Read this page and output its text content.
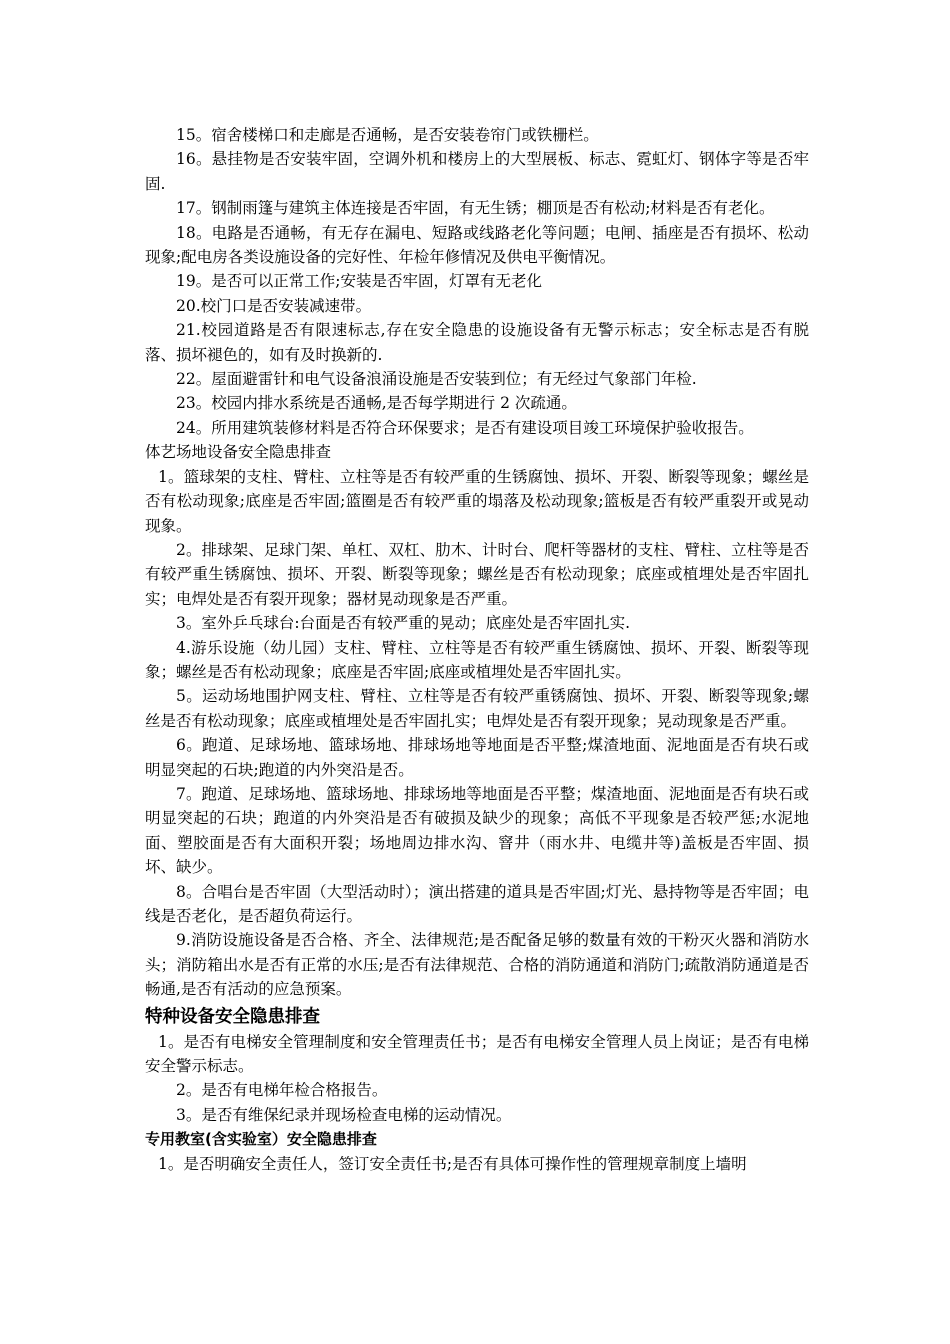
15。宿舍楼梯口和走廊是否通畅，是否安装卷帘门或铁栅栏。

16。悬挂物是否安装牢固，空调外机和楼房上的大型展板、标志、霓虹灯、钢体字等是否牢固.

17。钢制雨篷与建筑主体连接是否牢固，有无生锈；棚顶是否有松动;材料是否有老化。

18。电路是否通畅，有无存在漏电、短路或线路老化等问题；电闸、插座是否有损坏、松动现象;配电房各类设施设备的完好性、年检年修情况及供电平衡情况。

19。是否可以正常工作;安装是否牢固，灯罩有无老化

20.校门口是否安装减速带。

21.校园道路是否有限速标志,存在安全隐患的设施设备有无警示标志；安全标志是否有脱落、损坏褪色的，如有及时换新的.

22。屋面避雷针和电气设备浪涌设施是否安装到位；有无经过气象部门年检.

23。校园内排水系统是否通畅,是否每学期进行 2 次疏通。

24。所用建筑装修材料是否符合环保要求；是否有建设项目竣工环境保护验收报告。

体艺场地设备安全隐患排查

1。篮球架的支柱、臂柱、立柱等是否有较严重的生锈腐蚀、损坏、开裂、断裂等现象；螺丝是否有松动现象;底座是否牢固;篮圈是否有较严重的塌落及松动现象;篮板是否有较严重裂开或晃动现象。

2。排球架、足球门架、单杠、双杠、肋木、计时台、爬杆等器材的支柱、臂柱、立柱等是否有较严重生锈腐蚀、损坏、开裂、断裂等现象；螺丝是否有松动现象；底座或植埋处是否牢固扎实；电焊处是否有裂开现象；器材晃动现象是否严重。

3。室外乒乓球台:台面是否有较严重的晃动；底座处是否牢固扎实.

4.游乐设施（幼儿园）支柱、臂柱、立柱等是否有较严重生锈腐蚀、损坏、开裂、断裂等现象；螺丝是否有松动现象；底座是否牢固;底座或植埋处是否牢固扎实。

5。运动场地围护网支柱、臂柱、立柱等是否有较严重锈腐蚀、损坏、开裂、断裂等现象;螺丝是否有松动现象；底座或植埋处是否牢固扎实；电焊处是否有裂开现象；晃动现象是否严重。

6。跑道、足球场地、篮球场地、排球场地等地面是否平整;煤渣地面、泥地面是否有块石或明显突起的石块;跑道的内外突沿是否。

7。跑道、足球场地、篮球场地、排球场地等地面是否平整；煤渣地面、泥地面是否有块石或明显突起的石块；跑道的内外突沿是否有破损及缺少的现象；高低不平现象是否较严惩;水泥地面、塑胶面是否有大面积开裂；场地周边排水沟、窨井（雨水井、电缆井等)盖板是否牢固、损坏、缺少。

8。合唱台是否牢固（大型活动时）；演出搭建的道具是否牢固;灯光、悬持物等是否牢固；电线是否老化，是否超负荷运行。

9.消防设施设备是否合格、齐全、法律规范;是否配备足够的数量有效的干粉灭火器和消防水头；消防箱出水是否有正常的水压;是否有法律规范、合格的消防通道和消防门;疏散消防通道是否畅通,是否有活动的应急预案。

特种设备安全隐患排查

1。是否有电梯安全管理制度和安全管理责任书；是否有电梯安全管理人员上岗证；是否有电梯安全警示标志。

2。是否有电梯年检合格报告。

3。是否有维保纪录并现场检查电梯的运动情况。

专用教室(含实验室）安全隐患排查

1。是否明确安全责任人，签订安全责任书;是否有具体可操作性的管理规章制度上墙明
